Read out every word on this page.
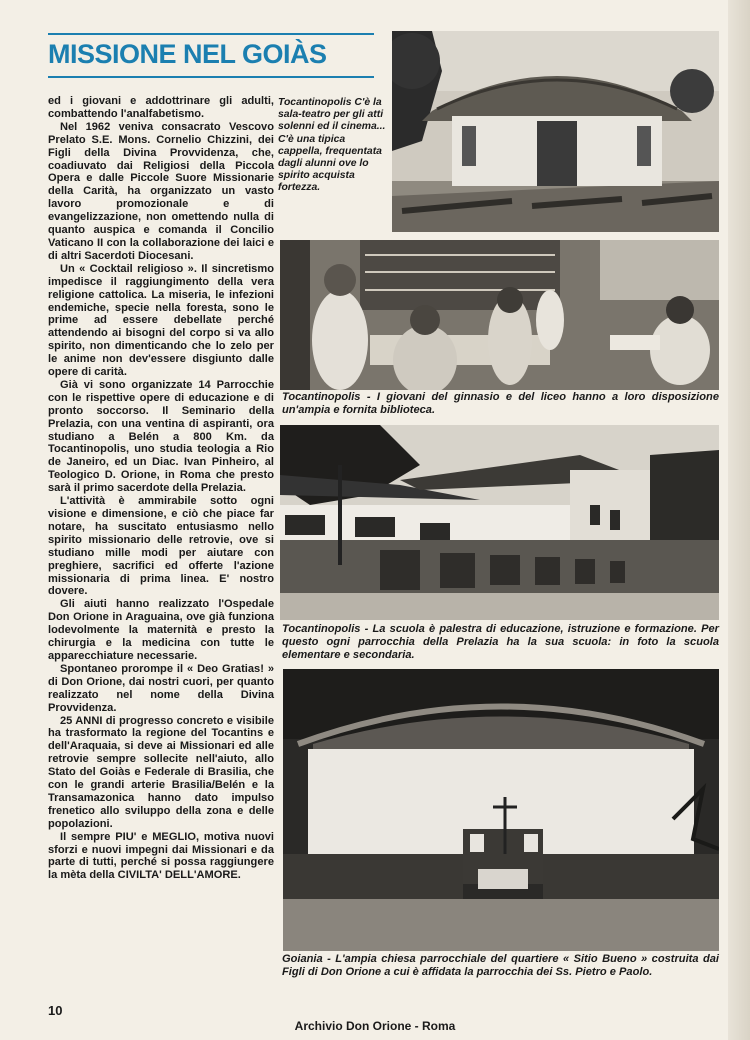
MISSIONE NEL GOIÀS

ed i giovani e addottrinare gli adulti, combattendo l'analfabetismo.

Nel 1962 veniva consacrato Vescovo Prelato S.E. Mons. Cornelio Chizzini, dei Figli della Divina Provvidenza, che, coadiuvato dai Religiosi della Piccola Opera e dalle Piccole Suore Missionarie della Carità, ha organizzato un vasto lavoro promozionale e di evangelizzazione, non omettendo nulla di quanto auspica e comanda il Concilio Vaticano II con la collaborazione dei laici e di altri Sacerdoti Diocesani.

Un « Cocktail religioso ». Il sincretismo impedisce il raggiungimento della vera religione cattolica. La miseria, le infezioni endemiche, specie nella foresta, sono le prime ad essere debellate perché attendendo ai bisogni del corpo si va allo spirito, non dimenticando che lo zelo per le anime non dev'essere disgiunto dalle opere di carità.

Già vi sono organizzate 14 Parrocchie con le rispettive opere di educazione e di pronto soccorso. Il Seminario della Prelazia, con una ventina di aspiranti, ora studiano a Belén a 800 Km. da Tocantinopolis, uno studia teologia a Rio de Janeiro, ed un Diac. Ivan Pinheiro, al Teologico D. Orione, in Roma che presto sarà il primo sacerdote della Prelazia.

L'attività è ammirabile sotto ogni visione e dimensione, e ciò che piace far notare, ha suscitato entusiasmo nello spirito missionario delle retrovie, ove si studiano mille modi per aiutare con preghiere, sacrifici ed offerte l'azione missionaria di prima linea. E' nostro dovere.

Gli aiuti hanno realizzato l'Ospedale Don Orione in Araguaina, ove già funziona lodevolmente la maternità e presto la chirurgia e la medicina con tutte le apparecchiature necessarie.

Spontaneo prorompe il « Deo Gratias! » di Don Orione, dai nostri cuori, per quanto realizzato nel nome della Divina Provvidenza.

25 ANNI di progresso concreto e visibile ha trasformato la regione del Tocantins e dell'Araquaia, si deve ai Missionari ed alle retrovie sempre sollecite nell'aiuto, allo Stato del Goiàs e Federale di Brasilia, che con le grandi arterie Brasilia/Belén e la Transamazonica hanno dato impulso frenetico allo sviluppo della zona e delle popolazioni.

Il sempre PIU' e MEGLIO, motiva nuovi sforzi e nuovi impegni dai Missionari e da parte di tutti, perché si possa raggiungere la mèta della CIVILTA' DELL'AMORE.

Tocantinopolis C'è la sala-teatro per gli atti solenni ed il cinema... C'è una tipica cappella, frequentata dagli alunni ove lo spirito acquista fortezza.
Tocantinopolis - I giovani del ginnasio e del liceo hanno a loro disposizione un'ampia e fornita biblioteca.
Tocantinopolis - La scuola è palestra di educazione, istruzione e formazione. Per questo ogni parrocchia della Prelazia ha la sua scuola: in foto la scuola elementare e secondaria.
Goiania - L'ampia chiesa parrocchiale del quartiere « Sitio Bueno » costruita dai Figli di Don Orione a cui è affidata la parrocchia dei Ss. Pietro e Paolo.
10
Archivio Don Orione - Roma
